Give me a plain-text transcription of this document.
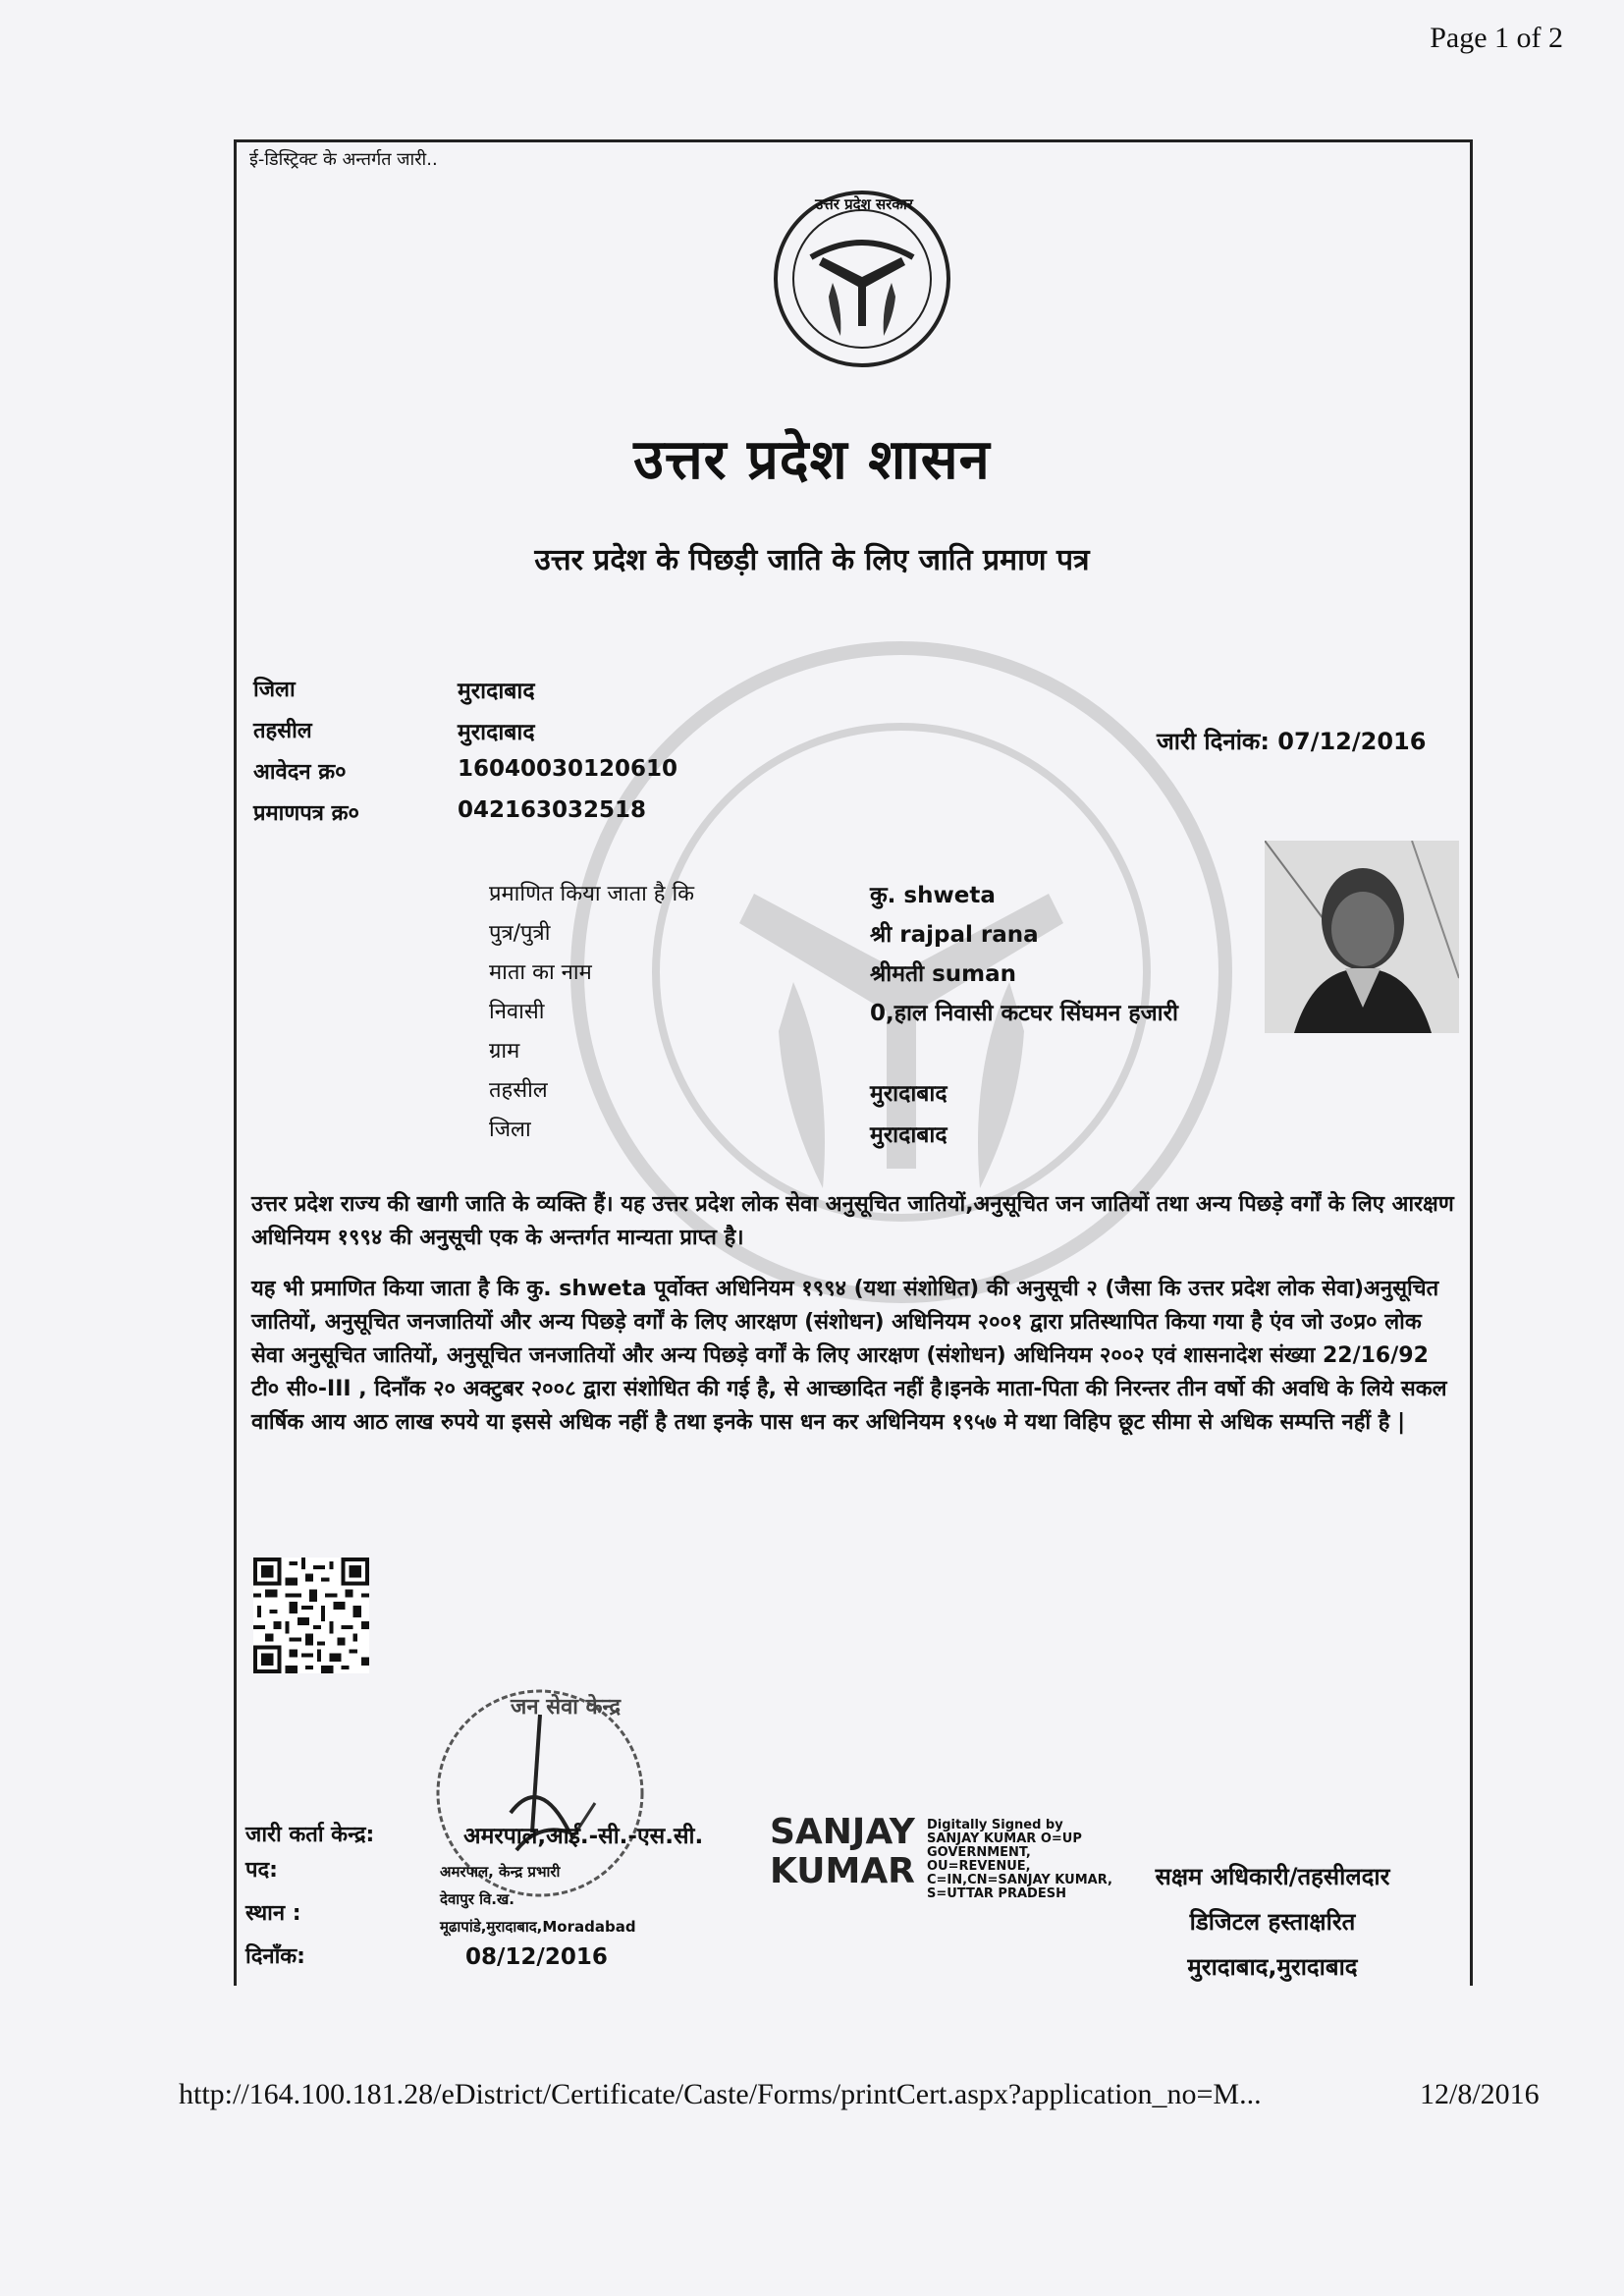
Page 1 of 2
ई-डिस्ट्रिक्ट के अन्तर्गत जारी..
उत्तर प्रदेश सरकार
उत्तर प्रदेश शासन
उत्तर प्रदेश के पिछड़ी जाति के लिए जाति प्रमाण पत्र
जिला	मुरादाबाद
तहसील	मुरादाबाद
आवेदन क्र०	16040030120610
प्रमाणपत्र क्र०	042163032518
जारी दिनांक: 07/12/2016
प्रमाणित किया जाता है कि	कु. shweta
पुत्र/पुत्री	श्री rajpal rana
माता का नाम	श्रीमती suman
निवासी	0,हाल निवासी कटघर सिंघमन हजारी
ग्राम
तहसील	मुरादाबाद
जिला	मुरादाबाद
उत्तर प्रदेश राज्य की खागी जाति के व्यक्ति हैं। यह उत्तर प्रदेश लोक सेवा अनुसूचित जातियों,अनुसूचित जन जातियों तथा अन्य पिछड़े वर्गों के लिए आरक्षण अधिनियम १९९४ की अनुसूची एक के अन्तर्गत मान्यता प्राप्त है।
यह भी प्रमाणित किया जाता है कि कु. shweta पूर्वोक्त अधिनियम १९९४ (यथा संशोधित) की अनुसूची २ (जैसा कि उत्तर प्रदेश लोक सेवा)अनुसूचित जातियों, अनुसूचित जनजातियों और अन्य पिछड़े वर्गों के लिए आरक्षण (संशोधन) अधिनियम २००१ द्वारा प्रतिस्थापित किया गया है एंव जो उ०प्र० लोक सेवा अनुसूचित जातियों, अनुसूचित जनजातियों और अन्य पिछड़े वर्गों के लिए आरक्षण (संशोधन) अधिनियम २००२ एवं शासनादेश संख्या 22/16/92 टी० सी०-III , दिनाँक २० अक्टुबर २००८ द्वारा संशोधित की गई है, से आच्छादित नहीं है।इनके माता-पिता की निरन्तर तीन वर्षो की अवधि के लिये सकल वार्षिक आय आठ लाख रुपये या इससे अधिक नहीं है तथा इनके पास धन कर अधिनियम १९५७ मे यथा विहिप छूट सीमा से अधिक सम्पत्ति नहीं है |
जन सेवा केन्द्र
जारी कर्ता केन्द्र:	अमरपाल,आई.-सी.-एस.सी.
पद:	अमरपाल, केन्द्र प्रभारी
स्थान :
देवापुर वि.ख.
मूढापांडे,मुरादाबाद,Moradabad
दिनाँक:	08/12/2016
SANJAY
KUMAR
Digitally Signed by SANJAY KUMAR O=UP GOVERNMENT, OU=REVENUE, C=IN,CN=SANJAY KUMAR, S=UTTAR PRADESH
सक्षम अधिकारी/तहसीलदार
डिजिटल हस्ताक्षरित
मुरादाबाद,मुरादाबाद
http://164.100.181.28/eDistrict/Certificate/Caste/Forms/printCert.aspx?application_no=M...	12/8/2016
